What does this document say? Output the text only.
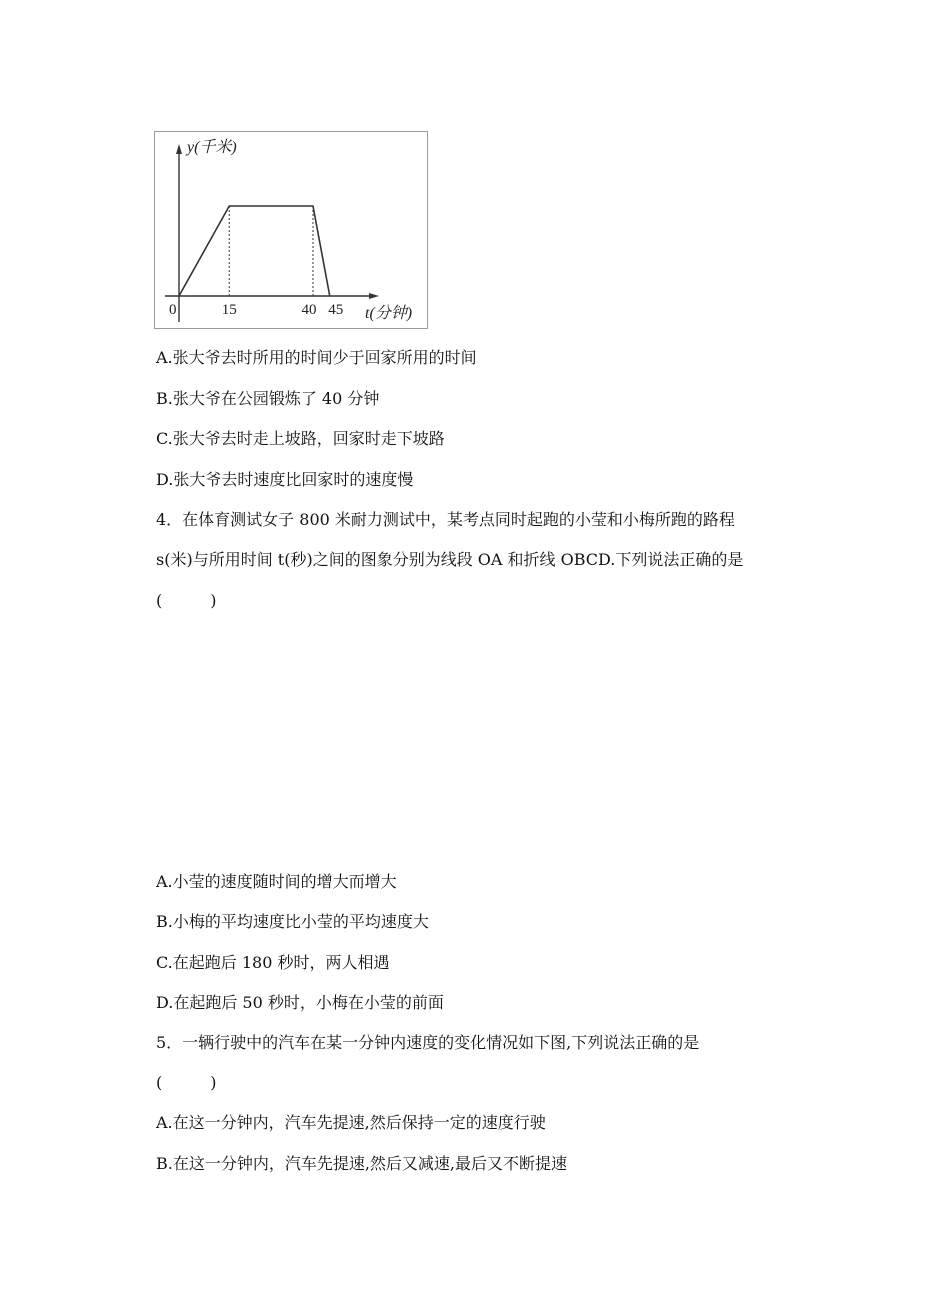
y(千米)
0	15	40 45 t(分钟)
A.张大爷去时所用的时间少于回家所用的时间
B.张大爷在公园锻炼了 40 分钟
C.张大爷去时走上坡路，回家时走下坡路
D.张大爷去时速度比回家时的速度慢
4．在体育测试女子 800 米耐力测试中，某考点同时起跑的小莹和小梅所跑的路程
s(米)与所用时间 t(秒)之间的图象分别为线段 OA 和折线 OBCD.下列说法正确的是
(	)
A.小莹的速度随时间的增大而增大
B.小梅的平均速度比小莹的平均速度大
C.在起跑后 180 秒时，两人相遇
D.在起跑后 50 秒时，小梅在小莹的前面
5．一辆行驶中的汽车在某一分钟内速度的变化情况如下图,下列说法正确的是
(	)
A.在这一分钟内，汽车先提速,然后保持一定的速度行驶
B.在这一分钟内，汽车先提速,然后又减速,最后又不断提速
